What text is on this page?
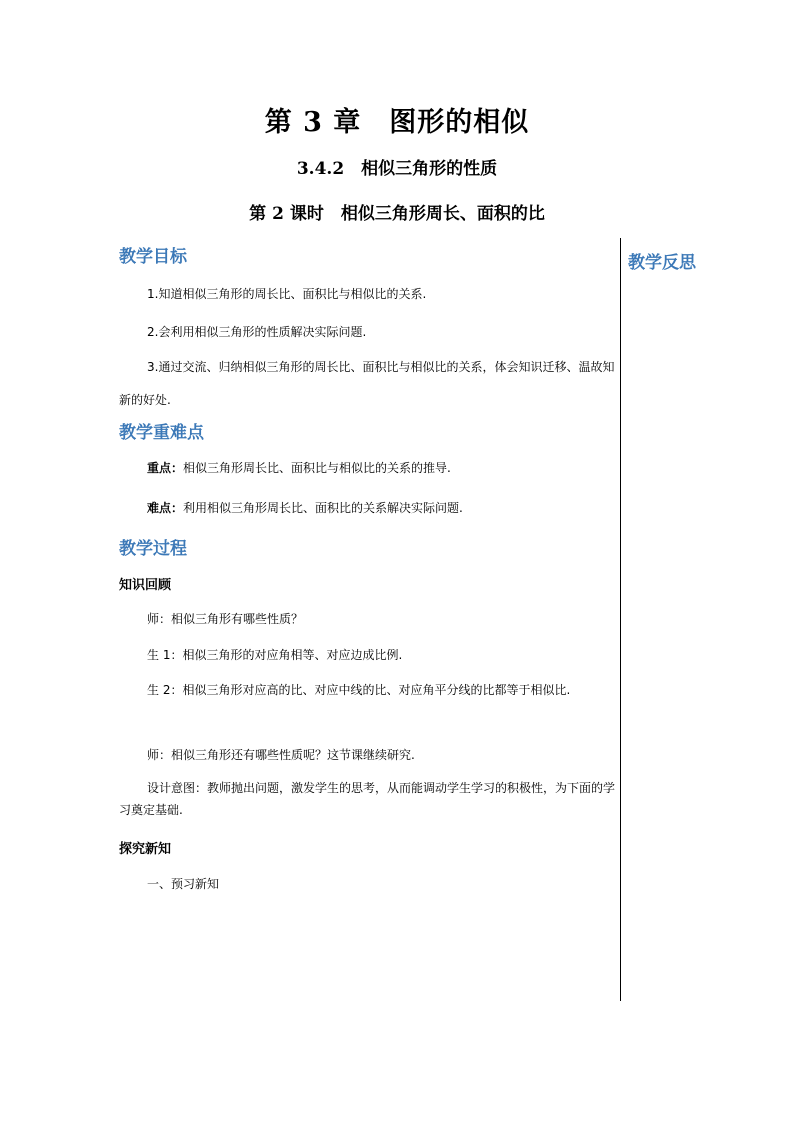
第 3 章　图形的相似
3.4.2　相似三角形的性质
第 2 课时　相似三角形周长、面积的比
教学反思
教学目标
1.知道相似三角形的周长比、面积比与相似比的关系.
2.会利用相似三角形的性质解决实际问题.
3.通过交流、归纳相似三角形的周长比、面积比与相似比的关系，体会知识迁移、温故知新的好处.
教学重难点
重点：相似三角形周长比、面积比与相似比的关系的推导.
难点：利用相似三角形周长比、面积比的关系解决实际问题.
教学过程
知识回顾
师：相似三角形有哪些性质？
生 1：相似三角形的对应角相等、对应边成比例.
生 2：相似三角形对应高的比、对应中线的比、对应角平分线的比都等于相似比.
师：相似三角形还有哪些性质呢？这节课继续研究.
设计意图：教师抛出问题，激发学生的思考，从而能调动学生学习的积极性，为下面的学习奠定基础.
探究新知
一、预习新知
